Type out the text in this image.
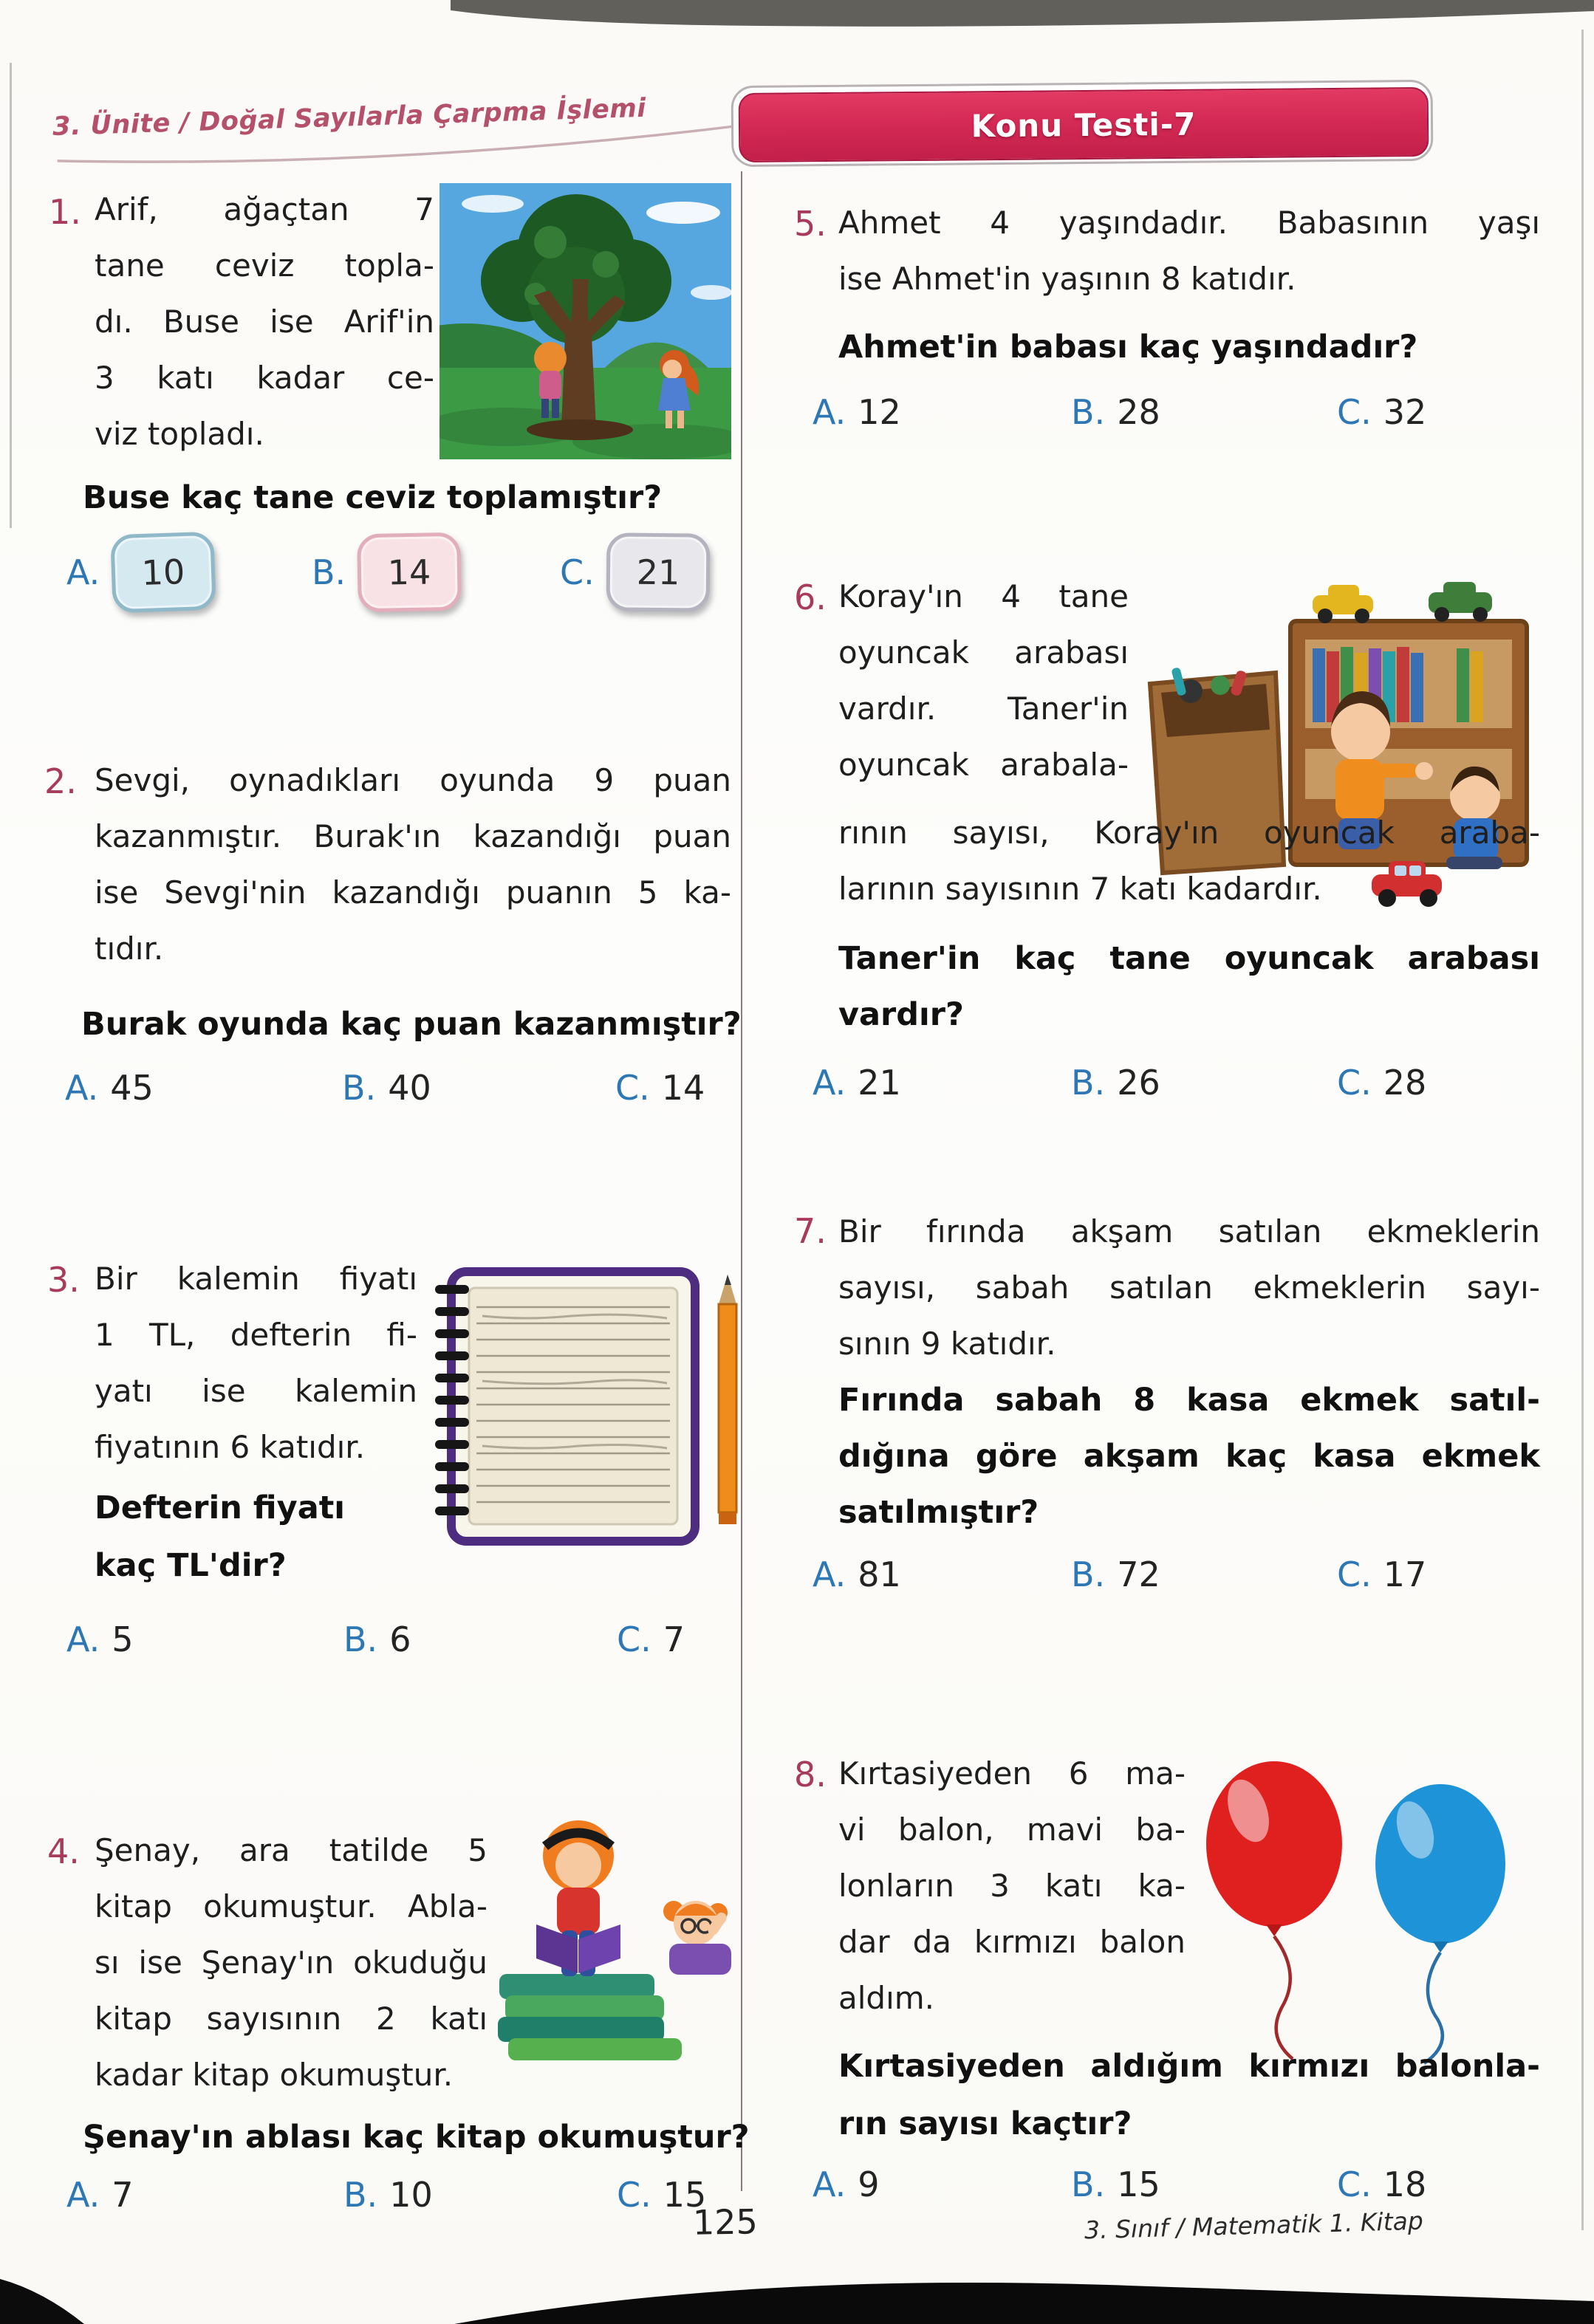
3. Ünite / Doğal Sayılarla Çarpma İşlemi	Konu Testi-7
1. Arif, ağaçtan 7
tane ceviz topla-
dı. Buse ise Arif'in
3 katı kadar ce-
viz topladı.
Buse kaç tane ceviz toplamıştır?
A.	10	B.	14	C.	21
2. Sevgi, oynadıkları oyunda 9 puan
kazanmıştır. Burak'ın kazandığı puan
ise Sevgi'nin kazandığı puanın 5 ka-
tıdır.
Burak oyunda kaç puan kazanmıştır?
A. 45	B. 40	C. 14
3. Bir kalemin fiyatı
1 TL, defterin fi-
yatı ise kalemin
fiyatının 6 katıdır.
Defterin fiyatı
kaç TL'dir?
A. 5	B. 6	C. 7
4. Şenay, ara tatilde 5
kitap okumuştur. Abla-
sı ise Şenay'ın okuduğu
kitap sayısının 2 katı
kadar kitap okumuştur.
Şenay'ın ablası kaç kitap okumuştur?
A. 7	B. 10	C. 15
5. Ahmet 4 yaşındadır. Babasının yaşı
ise Ahmet'in yaşının 8 katıdır.
Ahmet'in babası kaç yaşındadır?
A. 12	B. 28	C. 32
6. Koray'ın 4 tane
oyuncak arabası
vardır. Taner'in
oyuncak arabala-
rının sayısı, Koray'ın oyuncak araba-
larının sayısının 7 katı kadardır.
Taner'in kaç tane oyuncak arabası
vardır?
A. 21	B. 26	C. 28
7. Bir fırında akşam satılan ekmeklerin
sayısı, sabah satılan ekmeklerin sayı-
sının 9 katıdır.
Fırında sabah 8 kasa ekmek satıl-
dığına göre akşam kaç kasa ekmek
satılmıştır?
A. 81	B. 72	C. 17
8. Kırtasiyeden 6 ma-
vi balon, mavi ba-
lonların 3 katı ka-
dar da kırmızı balon
aldım.
Kırtasiyeden aldığım kırmızı balonla-
rın sayısı kaçtır?
A. 9	B. 15	C. 18
125	3. Sınıf / Matematik 1. Kitap
